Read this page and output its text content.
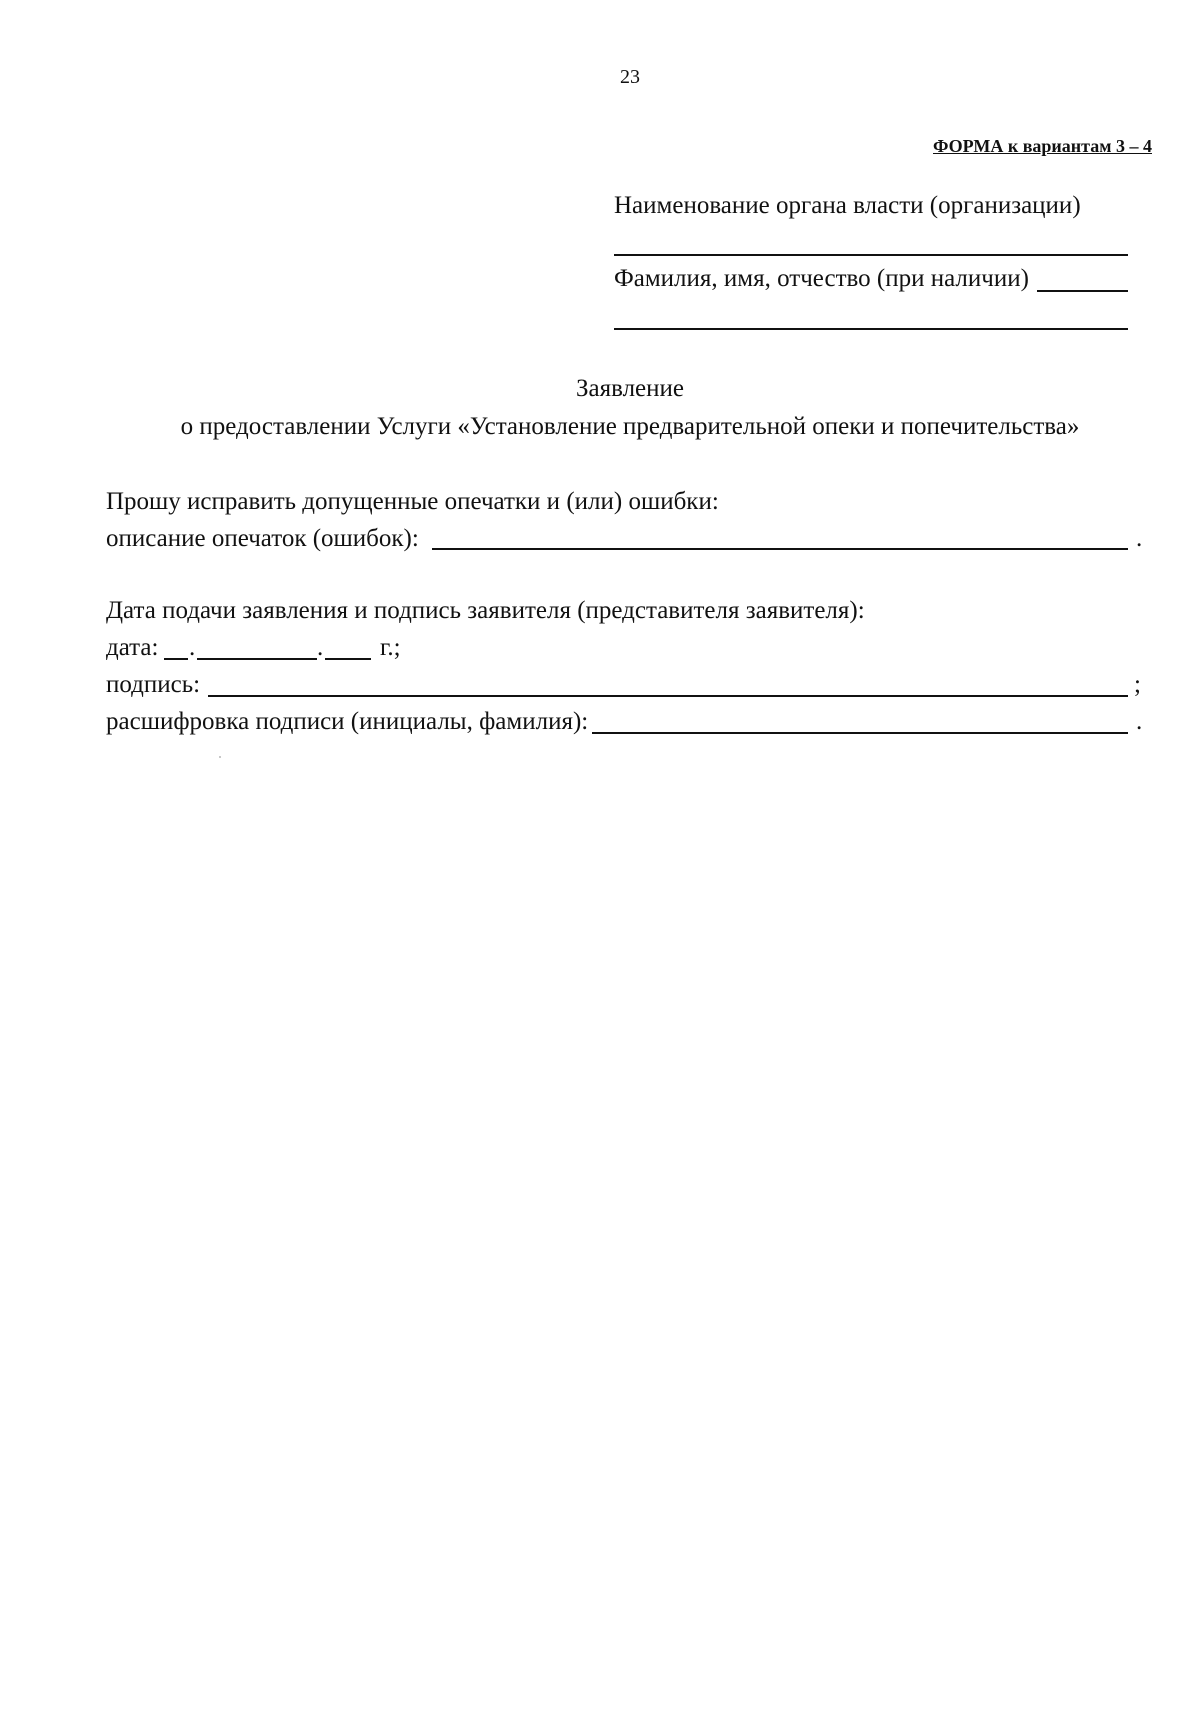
23
ФОРМА к вариантам 3 – 4
Наименование органа власти (организации)
Фамилия, имя, отчество (при наличии)
Заявление
о предоставлении Услуги «Установление предварительной опеки и попечительства»
Прошу исправить допущенные опечатки и (или) ошибки:
описание опечаток (ошибок):	.
Дата подачи заявления и подпись заявителя (представителя заявителя):
дата: .	. г.;
подпись:	;
расшифровка подписи (инициалы, фамилия):	.
